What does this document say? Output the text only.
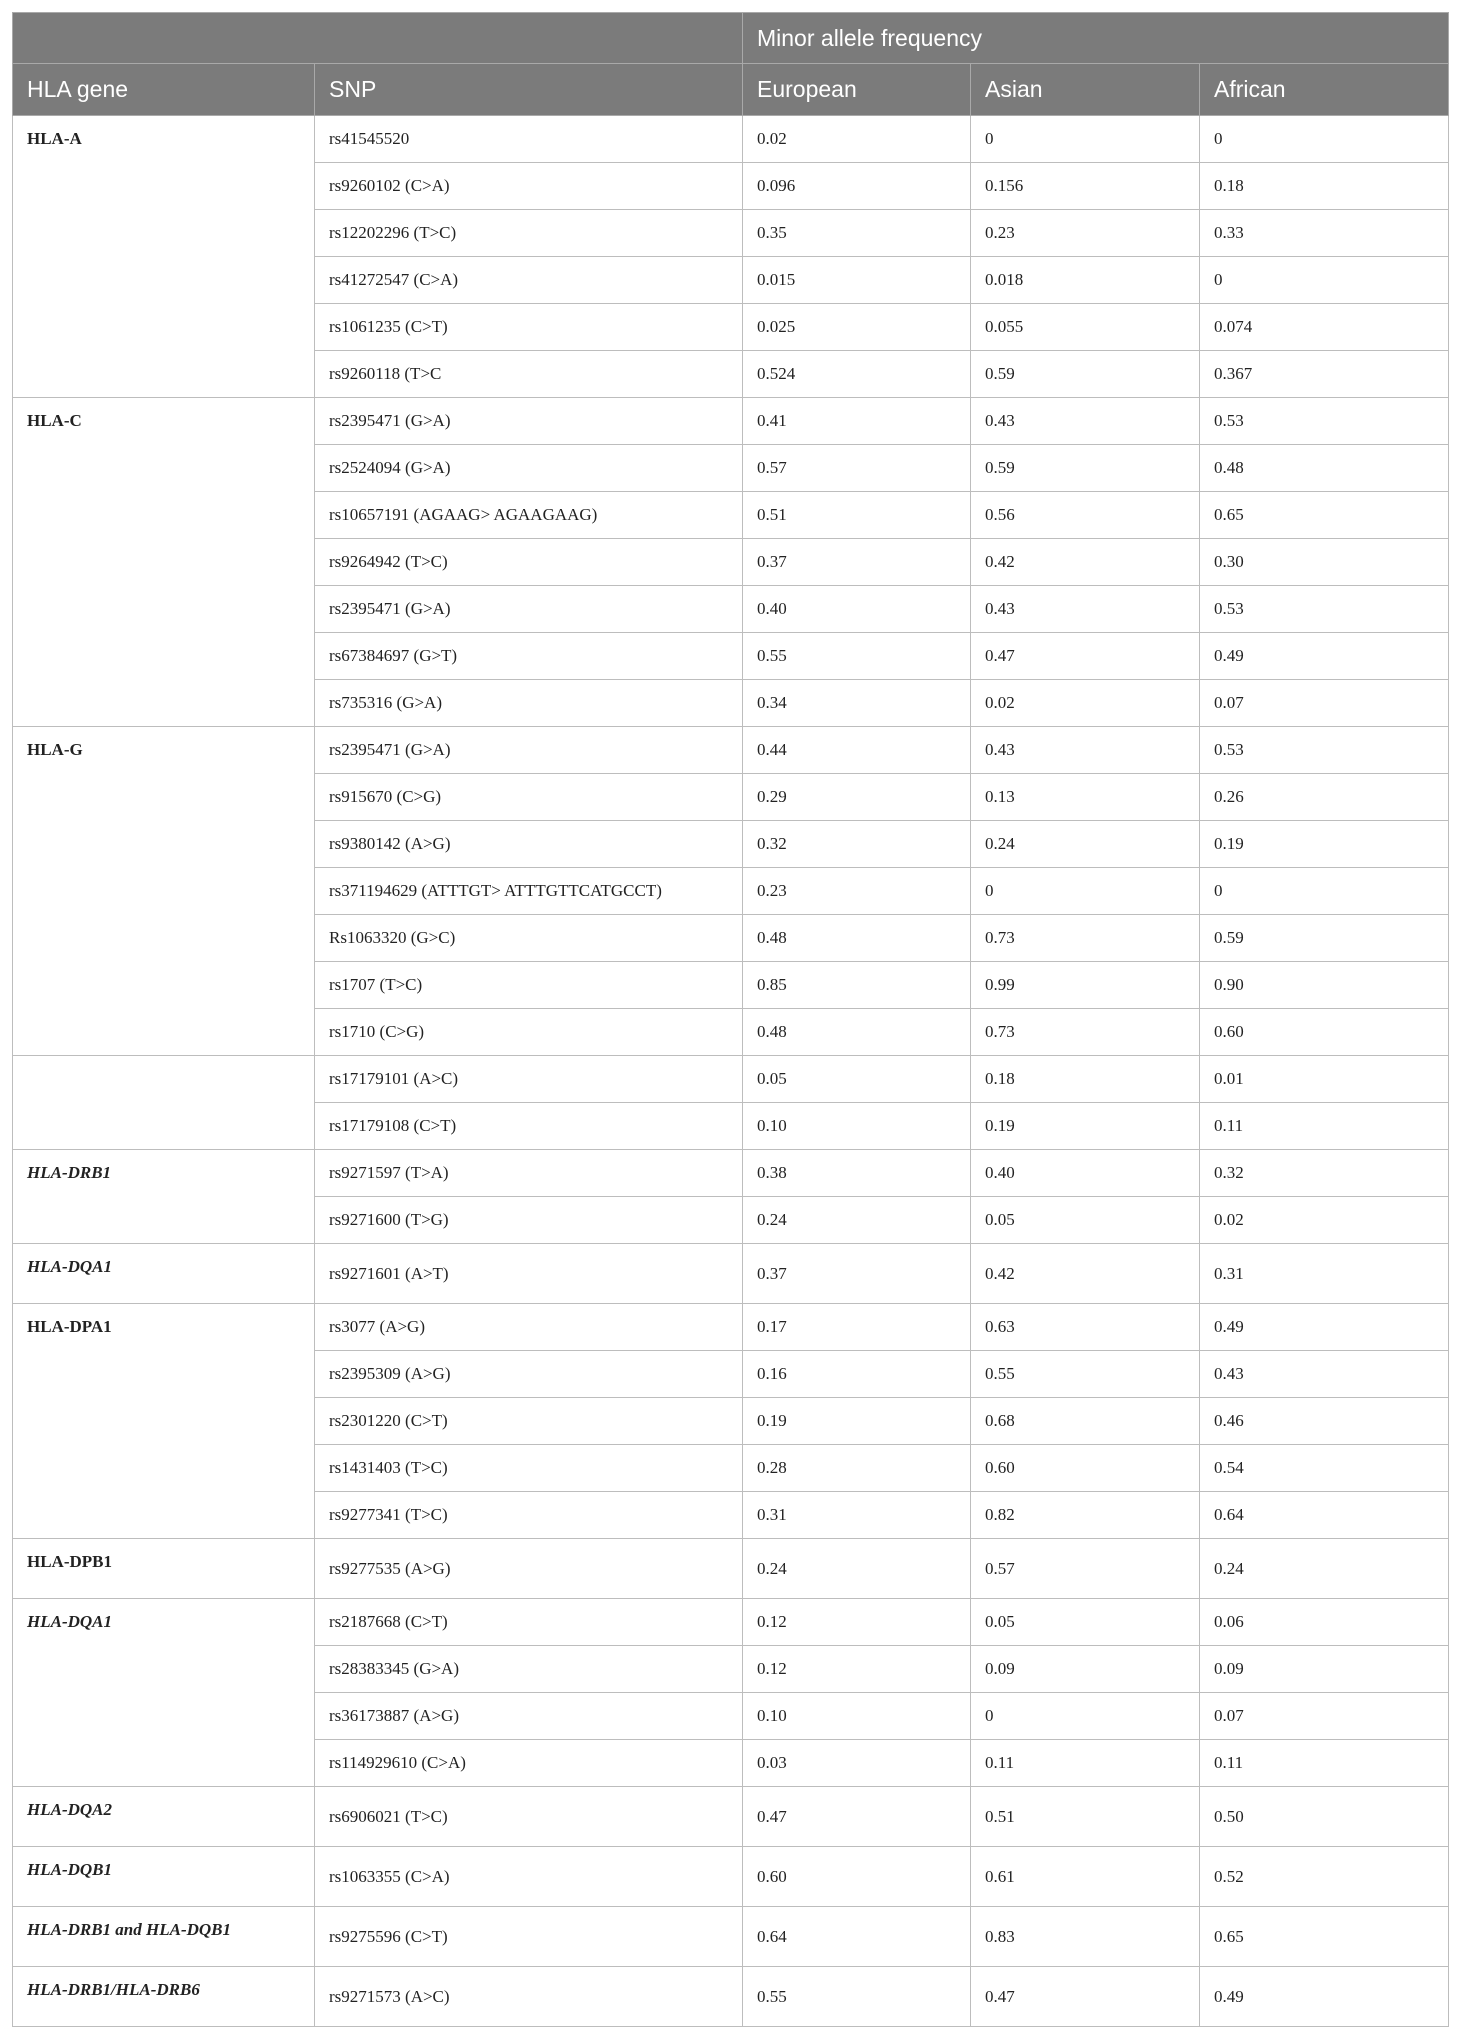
		Minor allele frequency		
HLA gene	SNP	European	Asian	African
HLA-A	rs41545520	0.02	0	0
	rs9260102 (C>A)	0.096	0.156	0.18
	rs12202296 (T>C)	0.35	0.23	0.33
	rs41272547 (C>A)	0.015	0.018	0
	rs1061235 (C>T)	0.025	0.055	0.074
	rs9260118 (T>C	0.524	0.59	0.367
HLA-C	rs2395471 (G>A)	0.41	0.43	0.53
	rs2524094 (G>A)	0.57	0.59	0.48
	rs10657191 (AGAAG> AGAAGAAG)	0.51	0.56	0.65
	rs9264942 (T>C)	0.37	0.42	0.30
	rs2395471 (G>A)	0.40	0.43	0.53
	rs67384697 (G>T)	0.55	0.47	0.49
	rs735316 (G>A)	0.34	0.02	0.07
HLA-G	rs2395471 (G>A)	0.44	0.43	0.53
	rs915670 (C>G)	0.29	0.13	0.26
	rs9380142 (A>G)	0.32	0.24	0.19
	rs371194629 (ATTTGT> ATTTGTTCATGCCT)	0.23	0	0
	Rs1063320 (G>C)	0.48	0.73	0.59
	rs1707 (T>C)	0.85	0.99	0.90
	rs1710 (C>G)	0.48	0.73	0.60
	rs17179101 (A>C)	0.05	0.18	0.01
	rs17179108 (C>T)	0.10	0.19	0.11
HLA-DRB1	rs9271597 (T>A)	0.38	0.40	0.32
	rs9271600 (T>G)	0.24	0.05	0.02
HLA-DQA1	rs9271601 (A>T)	0.37	0.42	0.31
HLA-DPA1	rs3077 (A>G)	0.17	0.63	0.49
	rs2395309 (A>G)	0.16	0.55	0.43
	rs2301220 (C>T)	0.19	0.68	0.46
	rs1431403 (T>C)	0.28	0.60	0.54
	rs9277341 (T>C)	0.31	0.82	0.64
HLA-DPB1	rs9277535 (A>G)	0.24	0.57	0.24
HLA-DQA1	rs2187668 (C>T)	0.12	0.05	0.06
	rs28383345 (G>A)	0.12	0.09	0.09
	rs36173887 (A>G)	0.10	0	0.07
	rs114929610 (C>A)	0.03	0.11	0.11
HLA-DQA2	rs6906021 (T>C)	0.47	0.51	0.50
HLA-DQB1	rs1063355 (C>A)	0.60	0.61	0.52
HLA-DRB1 and HLA-DQB1	rs9275596 (C>T)	0.64	0.83	0.65
HLA-DRB1/HLA-DRB6	rs9271573 (A>C)	0.55	0.47	0.49
